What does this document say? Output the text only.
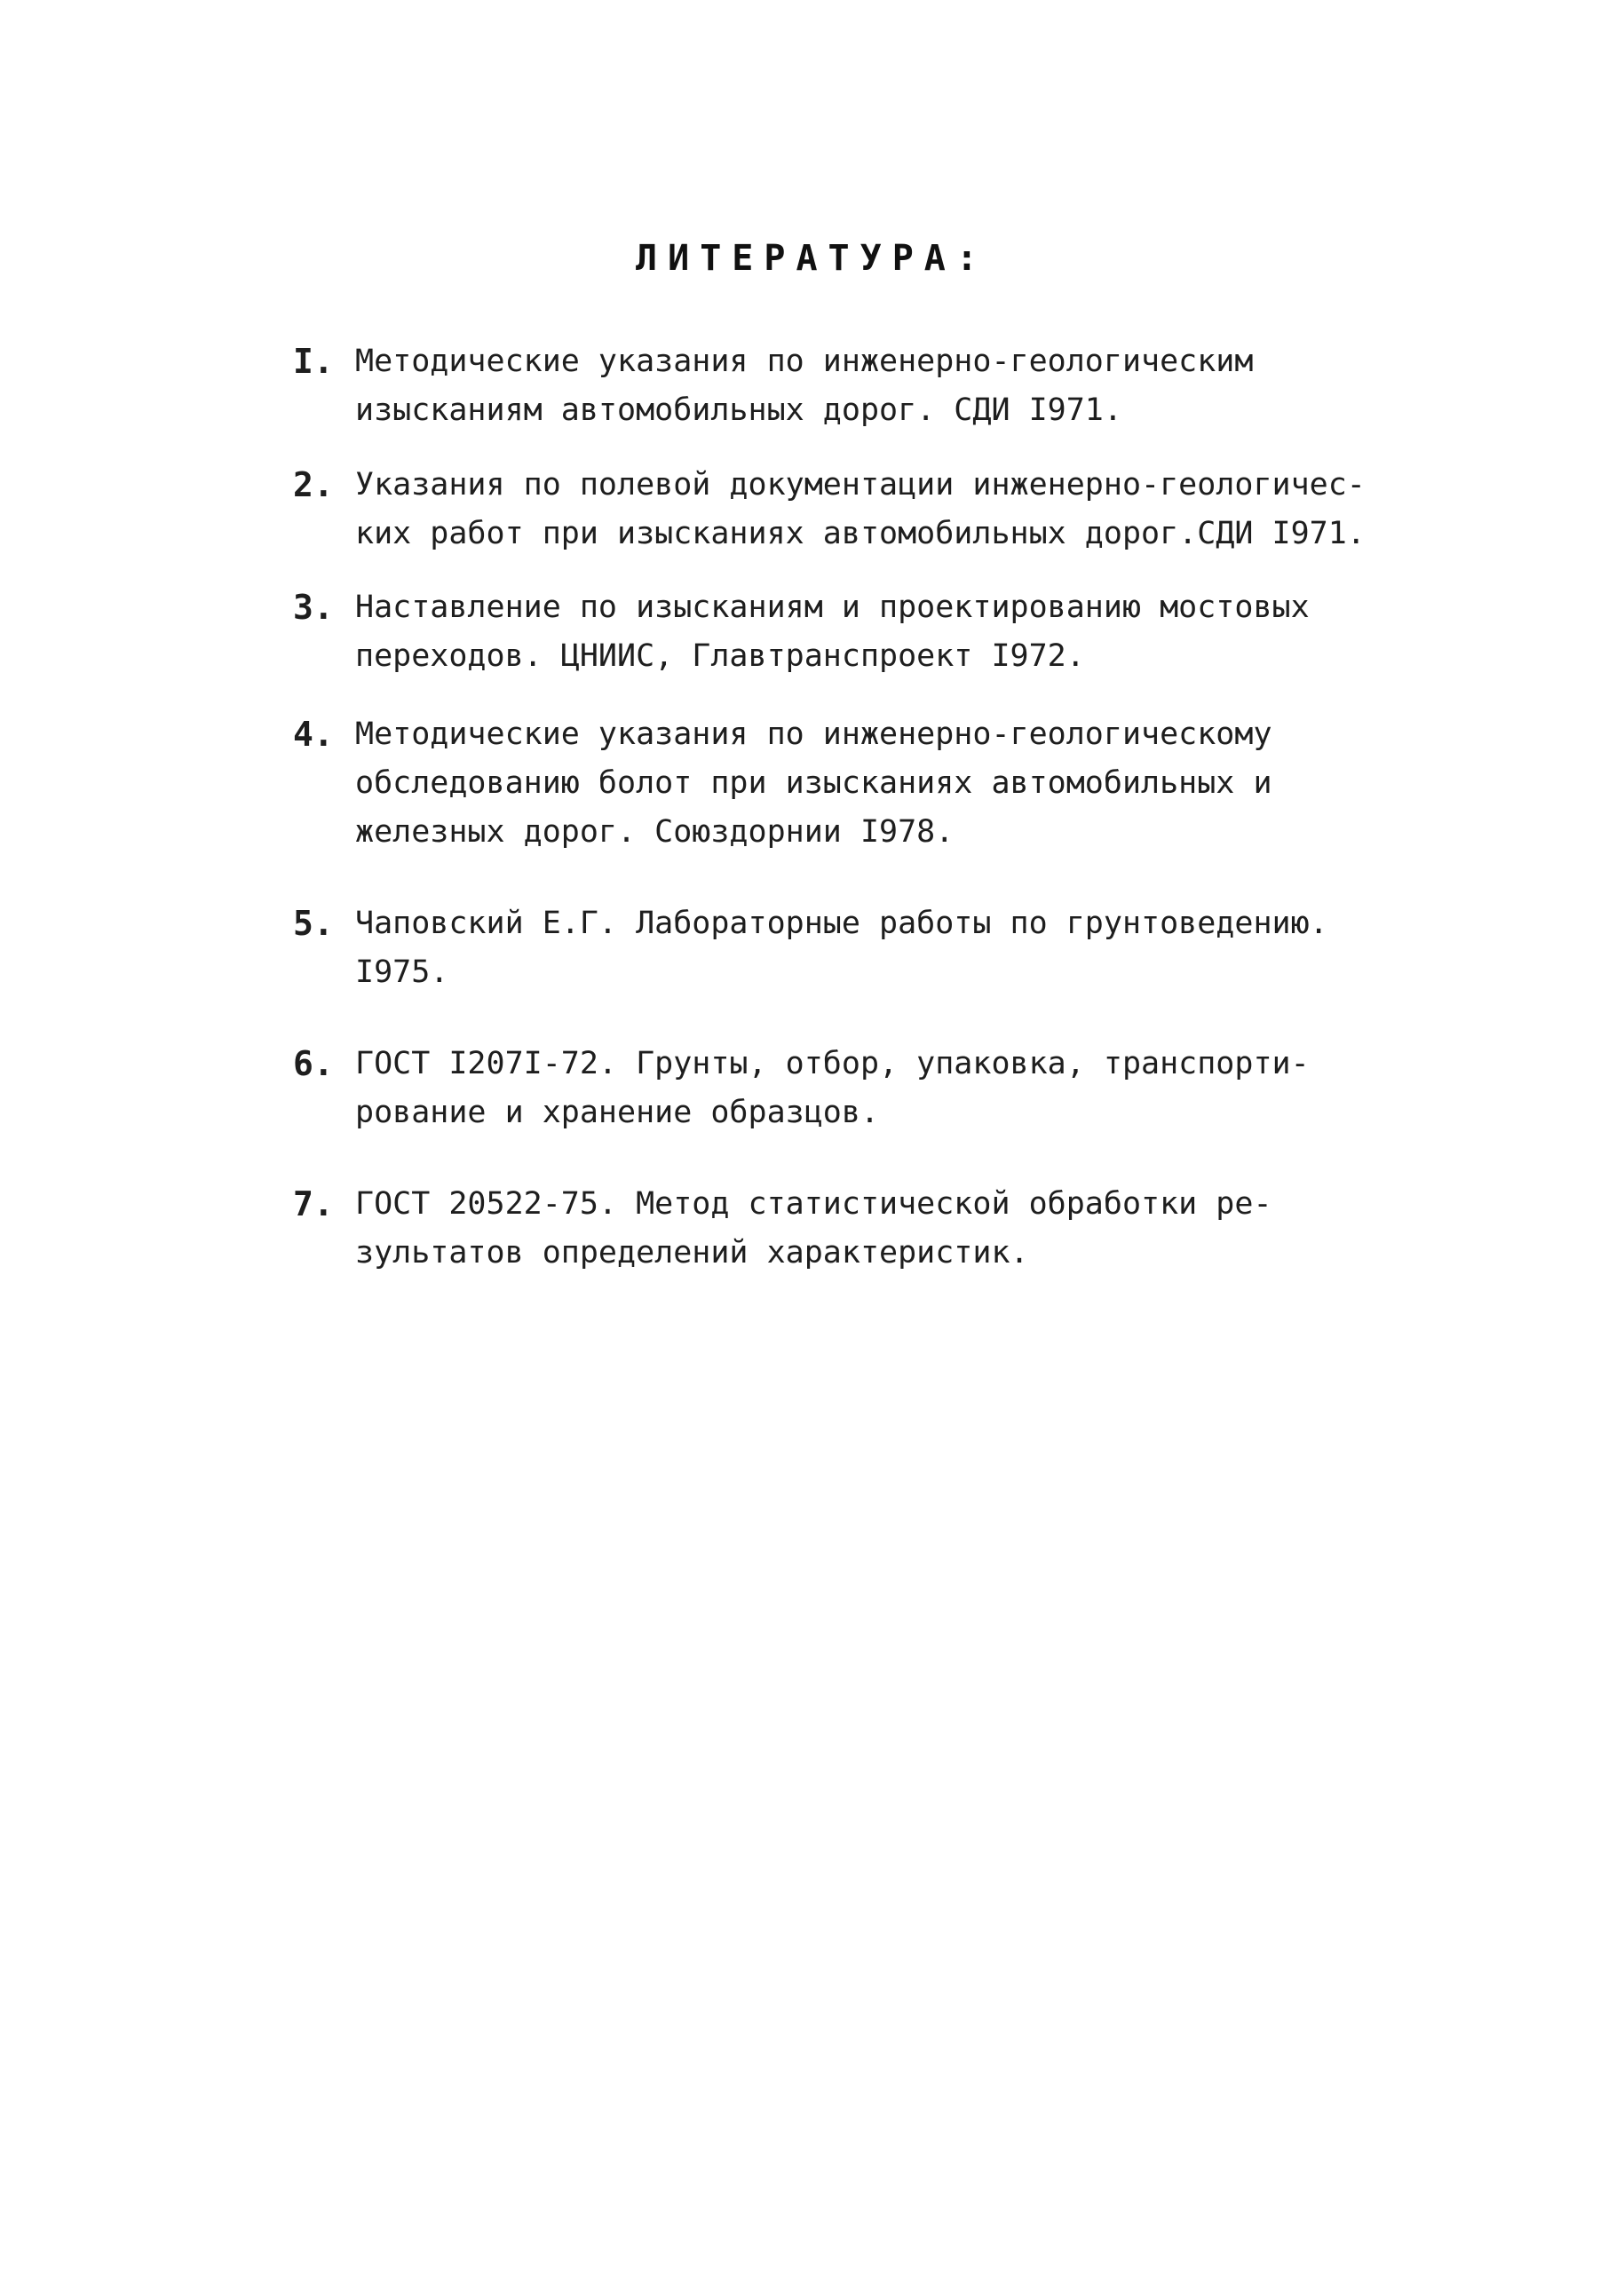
ЛИТЕРАТУРА:
I. Методические указания по инженерно-геологическим
изысканиям автомобильных дорог. СДИ I971.
2. Указания по полевой документации инженерно-геологичес-
ких работ при изысканиях автомобильных дорог.СДИ I971.
3. Наставление по изысканиям и проектированию мостовых
переходов. ЦНИИС, Главтранспроект I972.
4. Методические указания по инженерно-геологическому
обследованию болот при изысканиях автомобильных и
железных дорог. Союздорнии I978.
5. Чаповский Е.Г. Лабораторные работы по грунтоведению.
I975.
6. ГОСТ I207I-72. Грунты, отбор, упаковка, транспорти-
рование и хранение образцов.
7. ГОСТ 20522-75. Метод статистической обработки ре-
зультатов определений характеристик.
